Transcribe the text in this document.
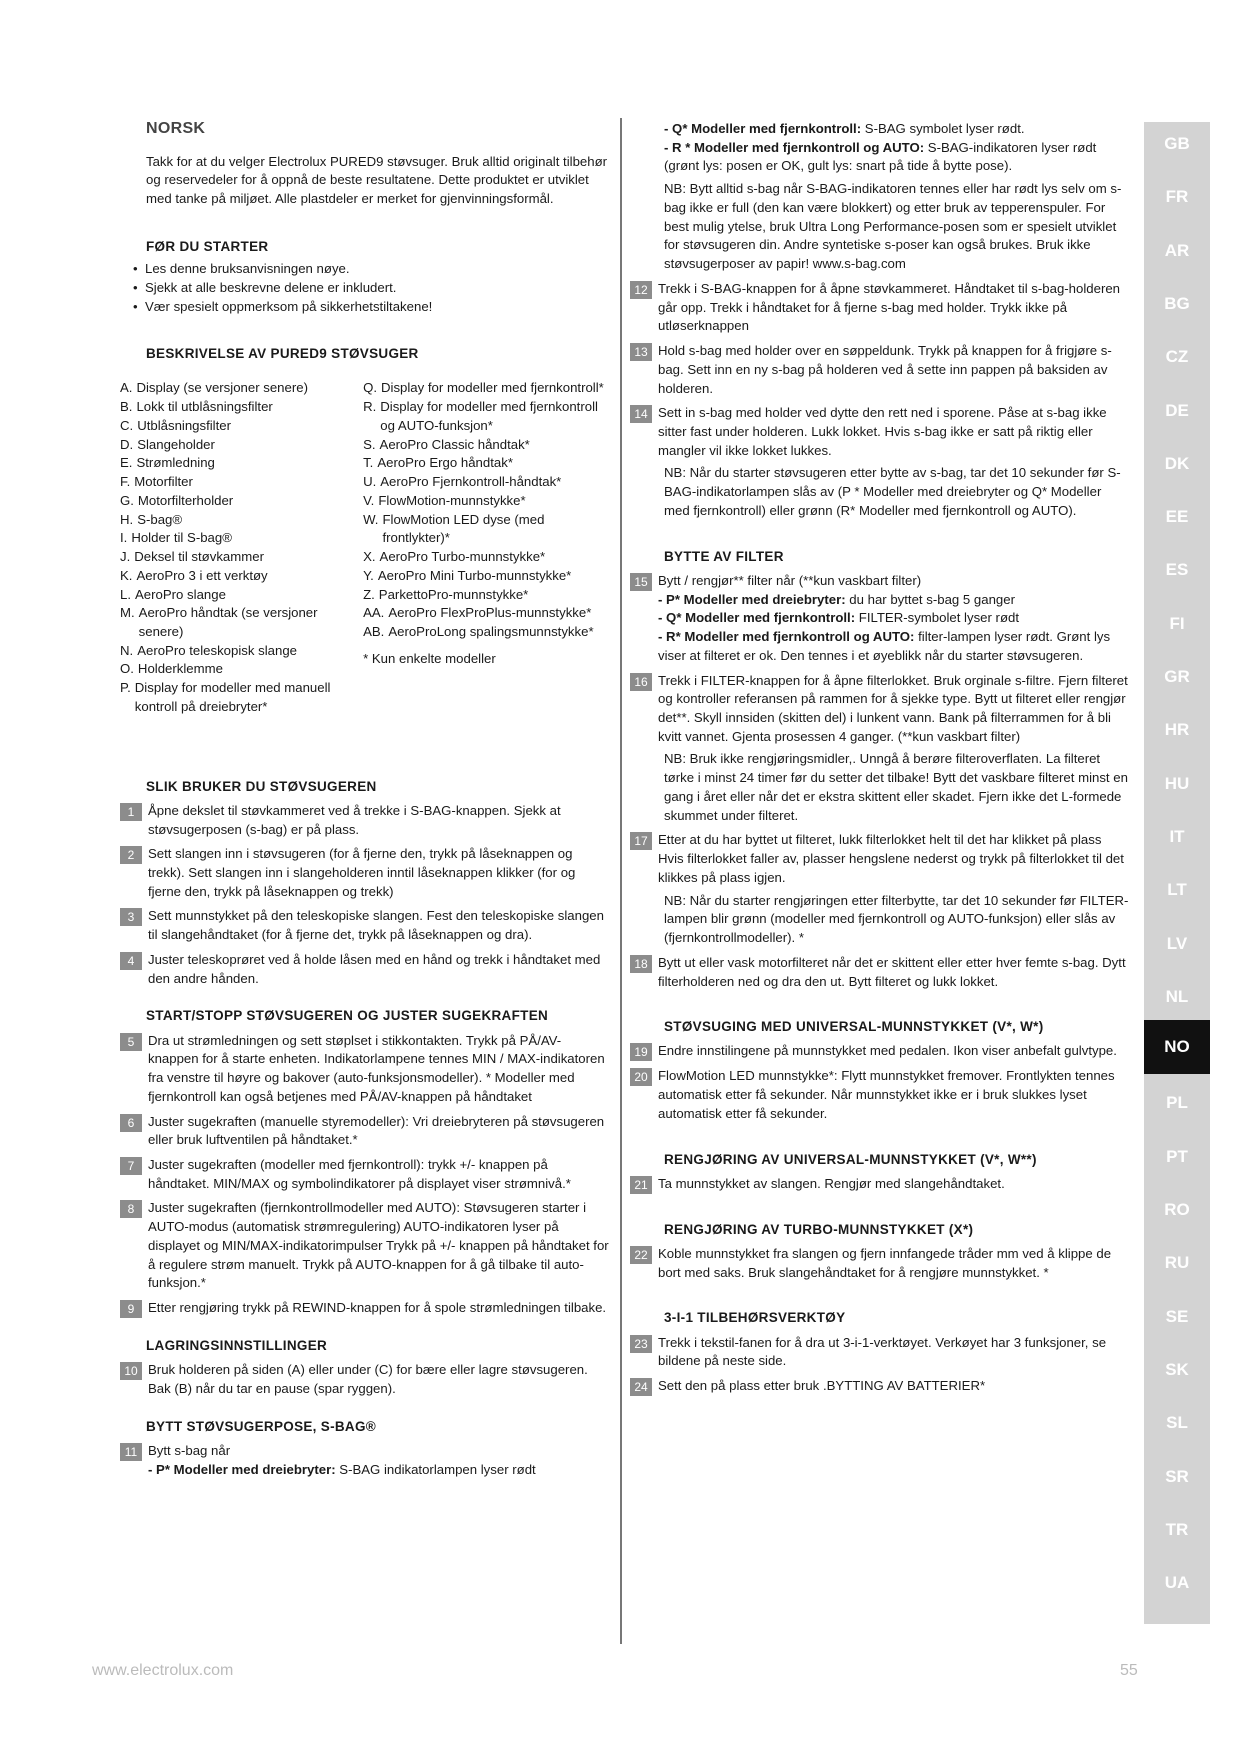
NORSK

Takk for at du velger Electrolux PURED9 støvsuger. Bruk alltid originalt tilbehør og reservedeler for å oppnå de beste resultatene. Dette produktet er utviklet med tanke på miljøet. Alle plastdeler er merket for gjenvinningsformål.

FØR DU STARTER
• Les denne bruksanvisningen nøye.
• Sjekk at alle beskrevne delene er inkludert.
• Vær spesielt oppmerksom på sikkerhetstiltakene!
BESKRIVELSE AV PURED9 STØVSUGER
A. Display (se versjoner senere)
B. Lokk til utblåsningsfilter
C. Utblåsningsfilter
D. Slangeholder
E. Strømledning
F. Motorfilter
G. Motorfilterholder
H. S-bag®
I. Holder til S-bag®
J. Deksel til støvkammer
K. AeroPro 3 i ett verktøy
L. AeroPro slange
M. AeroPro håndtak (se versjoner senere)
N. AeroPro teleskopisk slange
O. Holderklemme
P. Display for modeller med manuell kontroll på dreiebryter*
Q. Display for modeller med fjernkontroll*
R. Display for modeller med fjernkontroll og AUTO-funksjon*
S. AeroPro Classic håndtak*
T. AeroPro Ergo håndtak*
U. AeroPro Fjernkontroll-håndtak*
V. FlowMotion-munnstykke*
W. FlowMotion LED dyse (med frontlykter)*
X. AeroPro Turbo-munnstykke*
Y. AeroPro Mini Turbo-munnstykke*
Z. ParkettoPro-munnstykke*
AA. AeroPro FlexProPlus-munnstykke*
AB. AeroProLong spalingsmunnstykke*

* Kun enkelte modeller

SLIK BRUKER DU STØVSUGEREN
1	Åpne dekslet til støvkammeret ved å trekke i S-BAG-knappen. Sjekk at støvsugerposen (s-bag) er på plass.
2	Sett slangen inn i støvsugeren (for å fjerne den, trykk på låseknappen og trekk). Sett slangen inn i slangeholderen inntil låseknappen klikker (for og fjerne den, trykk på låseknappen og trekk)
3	Sett munnstykket på den teleskopiske slangen. Fest den teleskopiske slangen til slangehåndtaket (for å fjerne det, trykk på låseknappen og dra).
4	Juster teleskoprøret ved å holde låsen med en hånd og trekk i håndtaket med den andre hånden.
START/STOPP STØVSUGEREN OG JUSTER SUGEKRAFTEN
5	Dra ut strømledningen og sett støplset i stikkontakten. Trykk på PÅ/AV-knappen for å starte enheten. Indikatorlampene tennes MIN / MAX-indikatoren fra venstre til høyre og bakover (auto-funksjonsmodeller). * Modeller med fjernkontroll kan også betjenes med PÅ/AV-knappen på håndtaket
6	Juster sugekraften (manuelle styremodeller): Vri dreiebryteren på støvsugeren eller bruk luftventilen på håndtaket.*
7	Juster sugekraften (modeller med fjernkontroll): trykk +/- knappen på håndtaket. MIN/MAX og symbolindikatorer på displayet viser strømnivå.*
8	Juster sugekraften (fjernkontrollmodeller med AUTO): Støvsugeren starter i AUTO-modus (automatisk strømregulering) AUTO-indikatoren lyser på displayet og MIN/MAX-indikatorimpulser Trykk på +/- knappen på håndtaket for å regulere strøm manuelt. Trykk på AUTO-knappen for å gå tilbake til auto-funksjon.*
9	Etter rengjøring trykk på REWIND-knappen for å spole strømledningen tilbake.
LAGRINGSINNSTILLINGER
10 Bruk holderen på siden (A) eller under (C) for bære eller lagre støvsugeren. Bak (B) når du tar en pause (spar ryggen).
BYTT STØVSUGERPOSE, S-BAG®
11 Bytt s-bag når
- P* Modeller med dreiebryter: S-BAG indikatorlampen lyser rødt

- Q* Modeller med fjernkontroll: S-BAG symbolet lyser rødt.

- R * Modeller med fjernkontroll og AUTO: S-BAG-indikatoren lyser rødt (grønt lys: posen er OK, gult lys: snart på tide å bytte pose).

NB: Bytt alltid s-bag når S-BAG-indikatoren tennes eller har rødt lys selv om s-bag ikke er full (den kan være blokkert) og etter bruk av tepperenspuler. For best mulig ytelse, bruk Ultra Long Performance-posen som er spesielt utviklet for støvsugeren din. Andre syntetiske s-poser kan også brukes. Bruk ikke støvsugerposer av papir! www.s-bag.com

12 Trekk i S-BAG-knappen for å åpne støvkammeret. Håndtaket til s-bag-holderen går opp. Trekk i håndtaket for å fjerne s-bag med holder. Trykk ikke på utløserknappen
13 Hold s-bag med holder over en søppeldunk. Trykk på knappen for å frigjøre s-bag. Sett inn en ny s-bag på holderen ved å sette inn pappen på baksiden av holderen.
14 Sett in s-bag med holder ved dytte den rett ned i sporene. Påse at s-bag ikke sitter fast under holderen. Lukk lokket. Hvis s-bag ikke er satt på riktig eller mangler vil ikke lokket lukkes.

NB: Når du starter støvsugeren etter bytte av s-bag, tar det 10 sekunder før S-BAG-indikatorlampen slås av (P * Modeller med dreiebryter og Q* Modeller med fjernkontroll) eller grønn (R* Modeller med fjernkontroll og AUTO).

BYTTE AV FILTER
15 Bytt / rengjør** filter når (**kun vaskbart filter)
- P* Modeller med dreiebryter: du har byttet s-bag 5 ganger
- Q* Modeller med fjernkontroll: FILTER-symbolet lyser rødt
- R* Modeller med fjernkontroll og AUTO: filter-lampen lyser rødt. Grønt lys viser at filteret er ok. Den tennes i et øyeblikk når du starter støvsugeren.
16 Trekk i FILTER-knappen for å åpne filterlokket. Bruk orginale s-filtre. Fjern filteret og kontroller referansen på rammen for å sjekke type. Bytt ut filteret eller rengjør det**. Skyll innsiden (skitten del) i lunkent vann. Bank på filterrammen for å bli kvitt vannet. Gjenta prosessen 4 ganger. (**kun vaskbart filter)

NB: Bruk ikke rengjøringsmidler,. Unngå å berøre filteroverflaten. La filteret tørke i minst 24 timer før du setter det tilbake! Bytt det vaskbare filteret minst en gang i året eller når det er ekstra skittent eller skadet. Fjern ikke det L-formede skummet under filteret.

17 Etter at du har byttet ut filteret, lukk filterlokket helt til det har klikket på plass Hvis filterlokket faller av, plasser hengslene nederst og trykk på filterlokket til det klikkes på plass igjen.

NB: Når du starter rengjøringen etter filterbytte, tar det 10 sekunder før FILTER-lampen blir grønn (modeller med fjernkontroll og AUTO-funksjon) eller slås av (fjernkontrollmodeller). *

18 Bytt ut eller vask motorfilteret når det er skittent eller etter hver femte s-bag. Dytt filterholderen ned og dra den ut. Bytt filteret og lukk lokket.
STØVSUGING MED UNIVERSAL-MUNNSTYKKET (V*, W*)
19 Endre innstilingene på munnstykket med pedalen. Ikon viser anbefalt gulvtype.
20 FlowMotion LED munnstykke*: Flytt munnstykket fremover. Frontlykten tennes automatisk etter få sekunder. Når munnstykket ikke er i bruk slukkes lyset automatisk etter få sekunder.
RENGJØRING AV UNIVERSAL-MUNNSTYKKET (V*, W**)
21 Ta munnstykket av slangen. Rengjør med slangehåndtaket.
RENGJØRING AV TURBO-MUNNSTYKKET (X*)
22 Koble munnstykket fra slangen og fjern innfangede tråder mm ved å klippe de bort med saks. Bruk slangehåndtaket for å rengjøre munnstykket. *
3-I-1 TILBEHØRSVERKTØY
23 Trekk i tekstil-fanen for å dra ut 3-i-1-verktøyet. Verkøyet har 3 funksjoner, se bildene på neste side.
24 Sett den på plass etter bruk .BYTTING AV BATTERIER*
GB
FR
AR
BG
CZ
DE
DK
EE
ES
FI
GR
HR
HU
IT
LT
LV
NL
NO
PL
PT
RO
RU
SE
SK
SL
SR
TR
UA
www.electrolux.com	55
